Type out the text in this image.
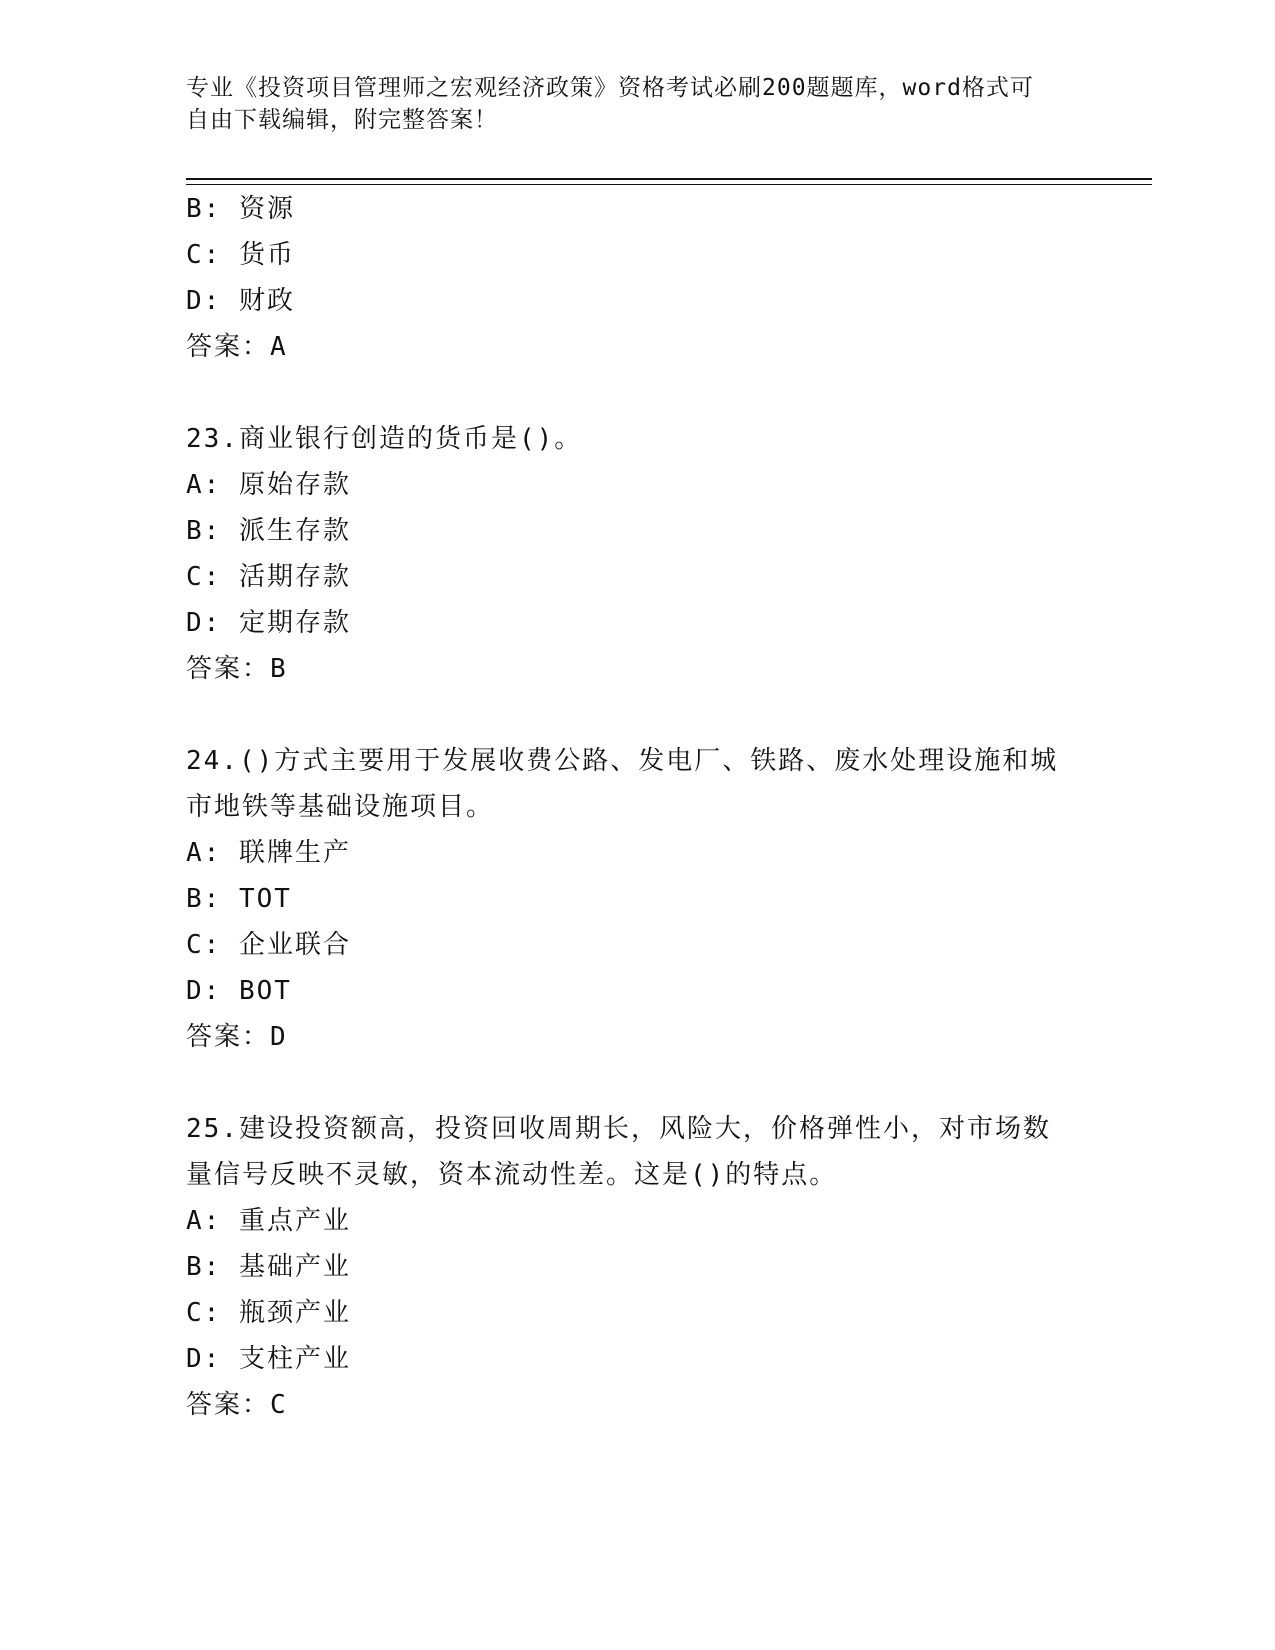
专业《投资项目管理师之宏观经济政策》资格考试必刷200题题库，word格式可
自由下载编辑，附完整答案！
B: 资源
C: 货币
D: 财政
答案：A
23.商业银行创造的货币是()。
A: 原始存款
B: 派生存款
C: 活期存款
D: 定期存款
答案：B
24.()方式主要用于发展收费公路、发电厂、铁路、废水处理设施和城
市地铁等基础设施项目。
A: 联牌生产
B: TOT
C: 企业联合
D: BOT
答案：D
25.建设投资额高，投资回收周期长，风险大，价格弹性小，对市场数
量信号反映不灵敏，资本流动性差。这是()的特点。
A: 重点产业
B: 基础产业
C: 瓶颈产业
D: 支柱产业
答案：C
